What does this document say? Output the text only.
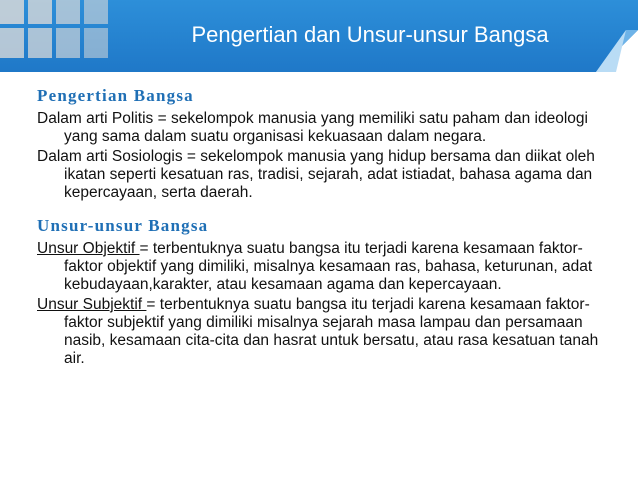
Pengertian dan Unsur-unsur Bangsa
Pengertian Bangsa

Dalam arti Politis = sekelompok manusia yang memiliki satu paham dan ideologi yang sama dalam suatu organisasi kekuasaan dalam negara.

Dalam arti Sosiologis = sekelompok manusia yang hidup bersama dan diikat oleh ikatan seperti kesatuan ras, tradisi, sejarah, adat istiadat, bahasa agama dan kepercayaan, serta daerah.

Unsur-unsur Bangsa

Unsur Objektif = terbentuknya suatu bangsa itu terjadi karena kesamaan faktor-faktor objektif yang dimiliki, misalnya kesamaan ras, bahasa, keturunan, adat kebudayaan,karakter, atau kesamaan agama dan kepercayaan.

Unsur Subjektif = terbentuknya suatu bangsa itu terjadi karena kesamaan faktor-faktor subjektif yang dimiliki misalnya sejarah masa lampau dan persamaan nasib, kesamaan cita-cita dan hasrat untuk bersatu, atau rasa kesatuan tanah air.
